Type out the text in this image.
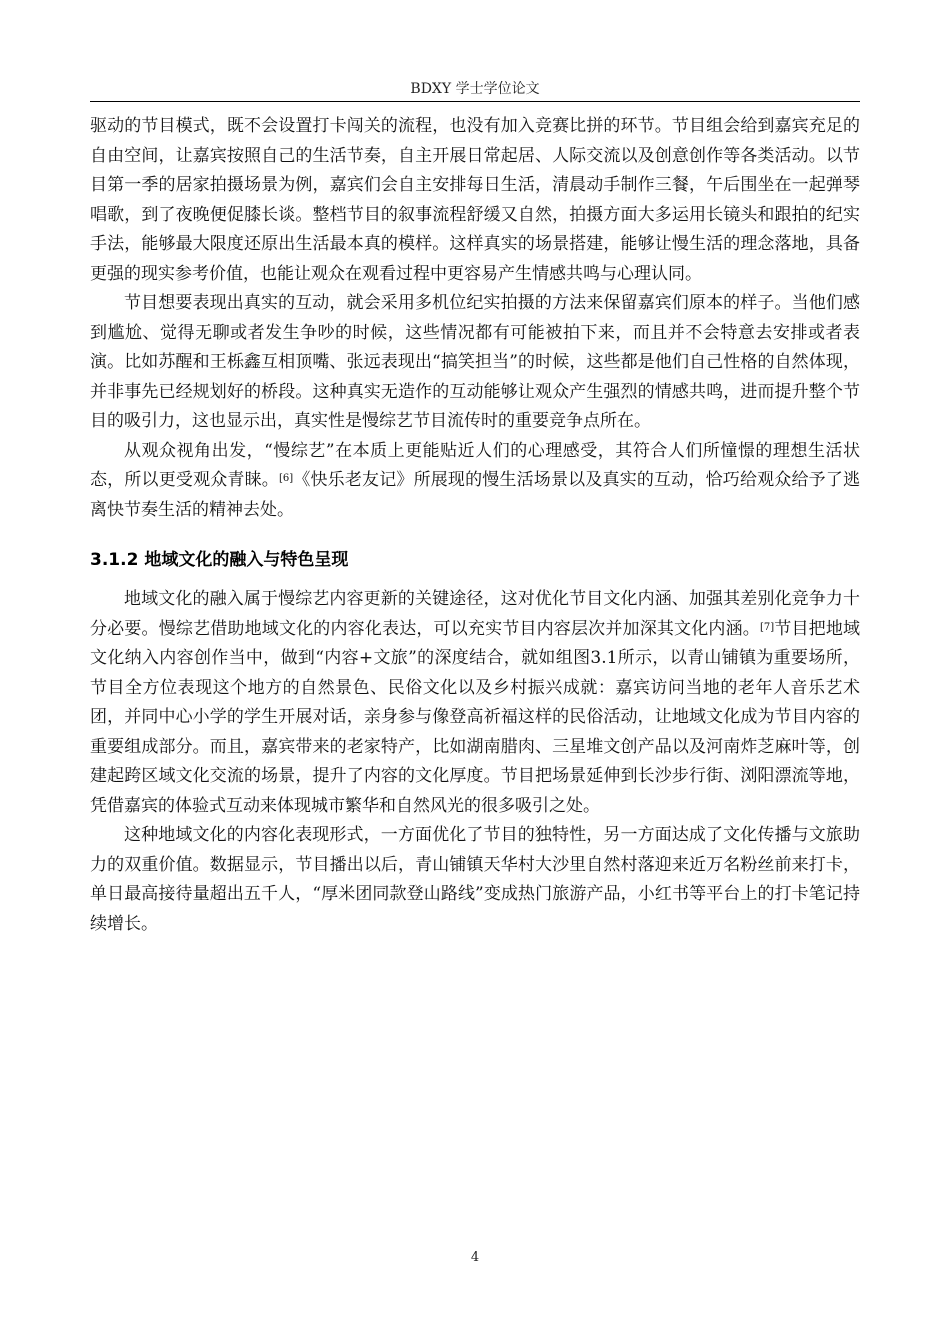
BDXY 学士学位论文

驱动的节目模式，既不会设置打卡闯关的流程，也没有加入竞赛比拼的环节。节目组会给到嘉宾充足的自由空间，让嘉宾按照自己的生活节奏，自主开展日常起居、人际交流以及创意创作等各类活动。以节目第一季的居家拍摄场景为例，嘉宾们会自主安排每日生活，清晨动手制作三餐，午后围坐在一起弹琴唱歌，到了夜晚便促膝长谈。整档节目的叙事流程舒缓又自然，拍摄方面大多运用长镜头和跟拍的纪实手法，能够最大限度还原出生活最本真的模样。这样真实的场景搭建，能够让慢生活的理念落地，具备更强的现实参考价值，也能让观众在观看过程中更容易产生情感共鸣与心理认同。

节目想要表现出真实的互动，就会采用多机位纪实拍摄的方法来保留嘉宾们原本的样子。当他们感到尴尬、觉得无聊或者发生争吵的时候，这些情况都有可能被拍下来，而且并不会特意去安排或者表演。比如苏醒和王栎鑫互相顶嘴、张远表现出“搞笑担当”的时候，这些都是他们自己性格的自然体现，并非事先已经规划好的桥段。这种真实无造作的互动能够让观众产生强烈的情感共鸣，进而提升整个节目的吸引力，这也显示出，真实性是慢综艺节目流传时的重要竞争点所在。

从观众视角出发，“慢综艺”在本质上更能贴近人们的心理感受，其符合人们所憧憬的理想生活状态，所以更受观众青睐。[6]《快乐老友记》所展现的慢生活场景以及真实的互动，恰巧给观众给予了逃离快节奏生活的精神去处。

3.1.2 地域文化的融入与特色呈现

地域文化的融入属于慢综艺内容更新的关键途径，这对优化节目文化内涵、加强其差别化竞争力十分必要。慢综艺借助地域文化的内容化表达，可以充实节目内容层次并加深其文化内涵。[7]节目把地域文化纳入内容创作当中，做到“内容+文旅”的深度结合，就如组图3.1所示，以青山铺镇为重要场所，节目全方位表现这个地方的自然景色、民俗文化以及乡村振兴成就：嘉宾访问当地的老年人音乐艺术团，并同中心小学的学生开展对话，亲身参与像登高祈福这样的民俗活动，让地域文化成为节目内容的重要组成部分。而且，嘉宾带来的老家特产，比如湖南腊肉、三星堆文创产品以及河南炸芝麻叶等，创建起跨区域文化交流的场景，提升了内容的文化厚度。节目把场景延伸到长沙步行街、浏阳漂流等地，凭借嘉宾的体验式互动来体现城市繁华和自然风光的很多吸引之处。

这种地域文化的内容化表现形式，一方面优化了节目的独特性，另一方面达成了文化传播与文旅助力的双重价值。数据显示，节目播出以后，青山铺镇天华村大沙里自然村落迎来近万名粉丝前来打卡，单日最高接待量超出五千人，“厚米团同款登山路线”变成热门旅游产品，小红书等平台上的打卡笔记持续增长。

4
